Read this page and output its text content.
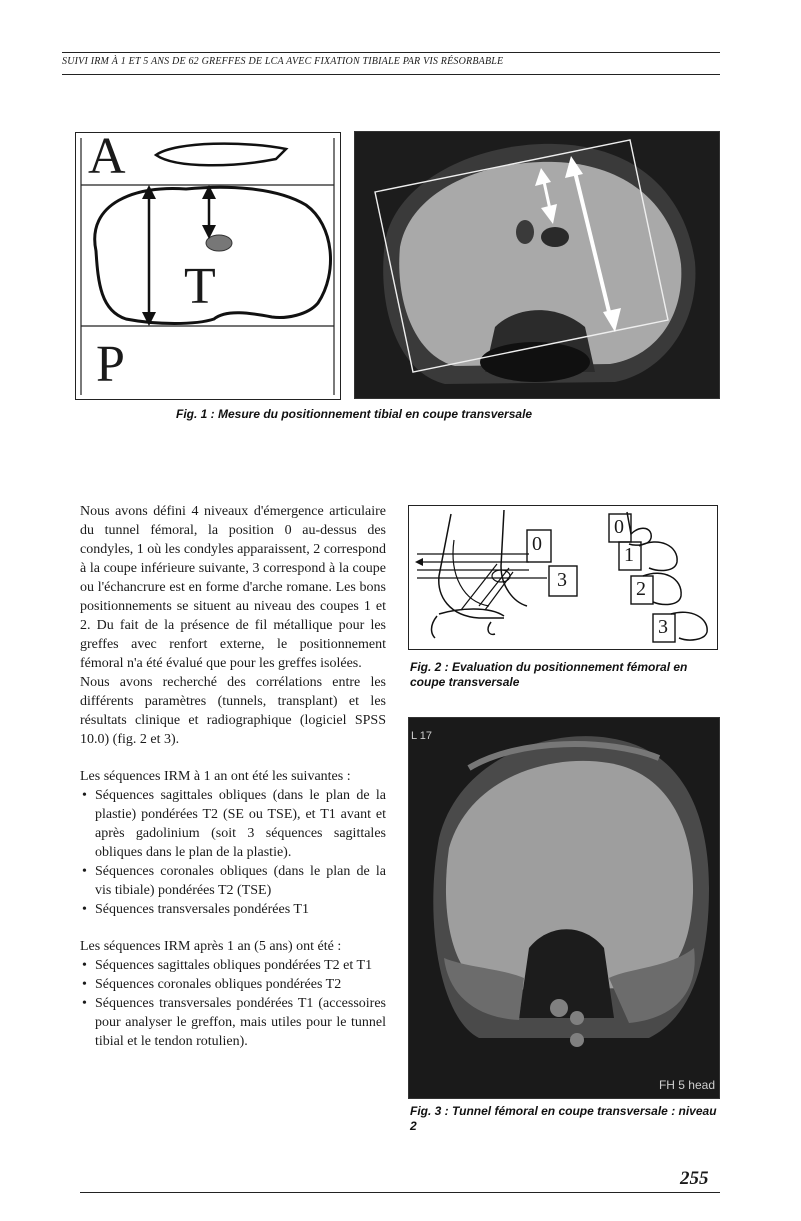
SUIVI IRM À 1 ET 5 ANS DE 62 GREFFES DE LCA AVEC FIXATION TIBIALE PAR VIS RÉSORBABLE
A
T
P
Fig. 1 : Mesure du positionnement tibial en coupe transversale

Nous avons défini 4 niveaux d'émergence articulaire du tunnel fémoral, la position 0 au-dessus des condyles, 1 où les condyles apparaissent, 2 correspond à la coupe inférieure suivante, 3 correspond à la coupe ou l'échancrure est en forme d'arche romane. Les bons positionnements se situent au niveau des coupes 1 et 2. Du fait de la présence de fil métallique pour les greffes avec renfort externe, le positionnement fémoral n'a été évalué que pour les greffes isolées.

Nous avons recherché des corrélations entre les différents paramètres (tunnels, transplant) et les résultats clinique et radiographique (logiciel SPSS 10.0) (fig. 2 et 3).

Les séquences IRM à 1 an ont été les suivantes :
• Séquences sagittales obliques (dans le plan de la plastie) pondérées T2 (SE ou TSE), et T1 avant et après gadolinium (soit 3 séquences sagittales obliques dans le plan de la plastie).
• Séquences coronales obliques (dans le plan de la vis tibiale) pondérées T2 (TSE)
• Séquences transversales pondérées T1
Les séquences IRM après 1 an (5 ans) ont été :
• Séquences sagittales obliques pondérées T2 et T1
• Séquences coronales obliques pondérées T2
• Séquences transversales pondérées T1 (accessoires pour analyser le greffon, mais utiles pour le tunnel tibial et le tendon rotulien).
0
3
0
1
2
3
Fig. 2 : Evaluation du positionnement fémoral en coupe transversale
L 17
FH 5 head
Fig. 3 : Tunnel fémoral en coupe transversale : niveau 2
255
